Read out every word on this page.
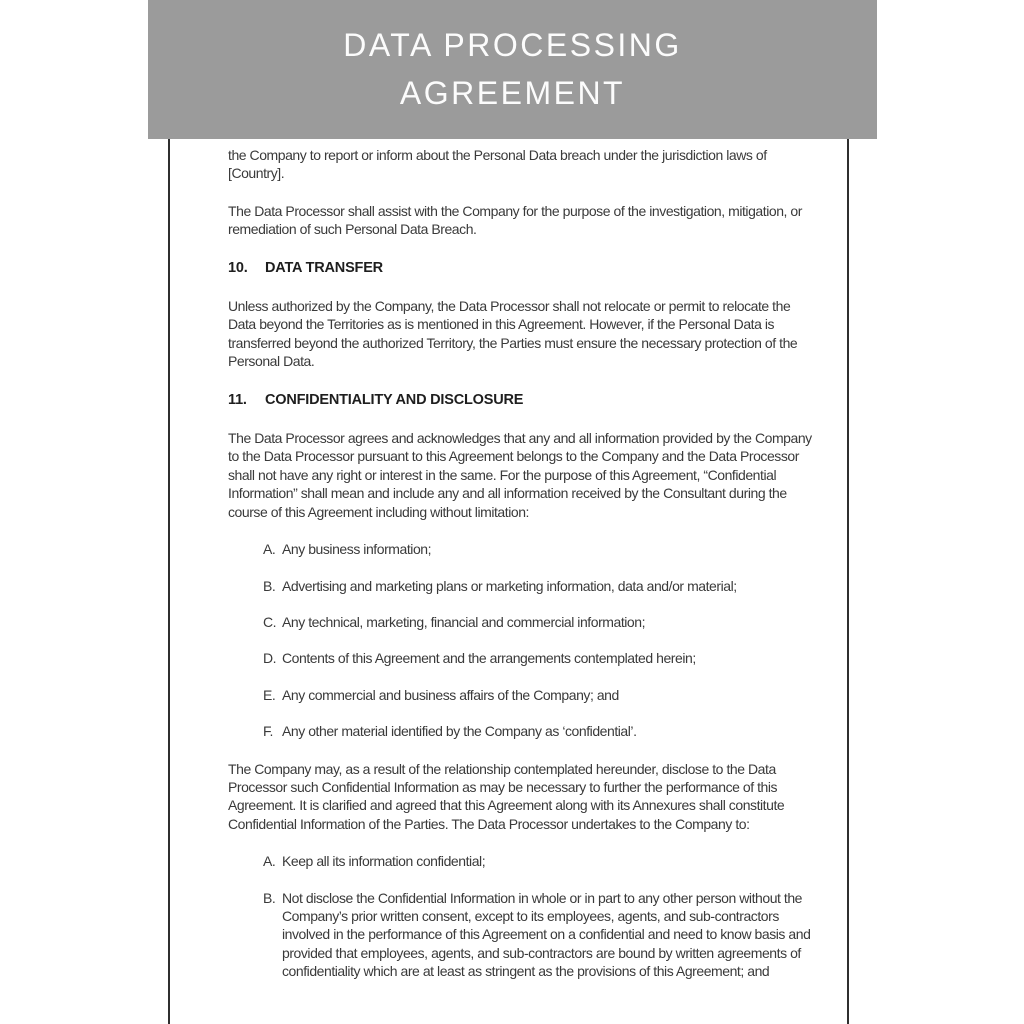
DATA PROCESSING
AGREEMENT

the Company to report or inform about the Personal Data breach under the jurisdiction laws of [Country].

The Data Processor shall assist with the Company for the purpose of the investigation, mitigation, or remediation of such Personal Data Breach.

10.	DATA TRANSFER

Unless authorized by the Company, the Data Processor shall not relocate or permit to relocate the Data beyond the Territories as is mentioned in this Agreement. However, if the Personal Data is transferred beyond the authorized Territory, the Parties must ensure the necessary protection of the Personal Data.

11.	CONFIDENTIALITY AND DISCLOSURE

The Data Processor agrees and acknowledges that any and all information provided by the Company to the Data Processor pursuant to this Agreement belongs to the Company and the Data Processor shall not have any right or interest in the same. For the purpose of this Agreement, “Confidential Information” shall mean and include any and all information received by the Consultant during the course of this Agreement including without limitation:

A. Any business information;
B. Advertising and marketing plans or marketing information, data and/or material;
C. Any technical, marketing, financial and commercial information;
D. Contents of this Agreement and the arrangements contemplated herein;
E. Any commercial and business affairs of the Company; and
F. Any other material identified by the Company as ‘confidential’.

The Company may, as a result of the relationship contemplated hereunder, disclose to the Data Processor such Confidential Information as may be necessary to further the performance of this Agreement. It is clarified and agreed that this Agreement along with its Annexures shall constitute Confidential Information of the Parties. The Data Processor undertakes to the Company to:

A. Keep all its information confidential;
B. Not disclose the Confidential Information in whole or in part to any other person without the Company’s prior written consent, except to its employees, agents, and sub-contractors involved in the performance of this Agreement on a confidential and need to know basis and provided that employees, agents, and sub-contractors are bound by written agreements of confidentiality which are at least as stringent as the provisions of this Agreement; and
